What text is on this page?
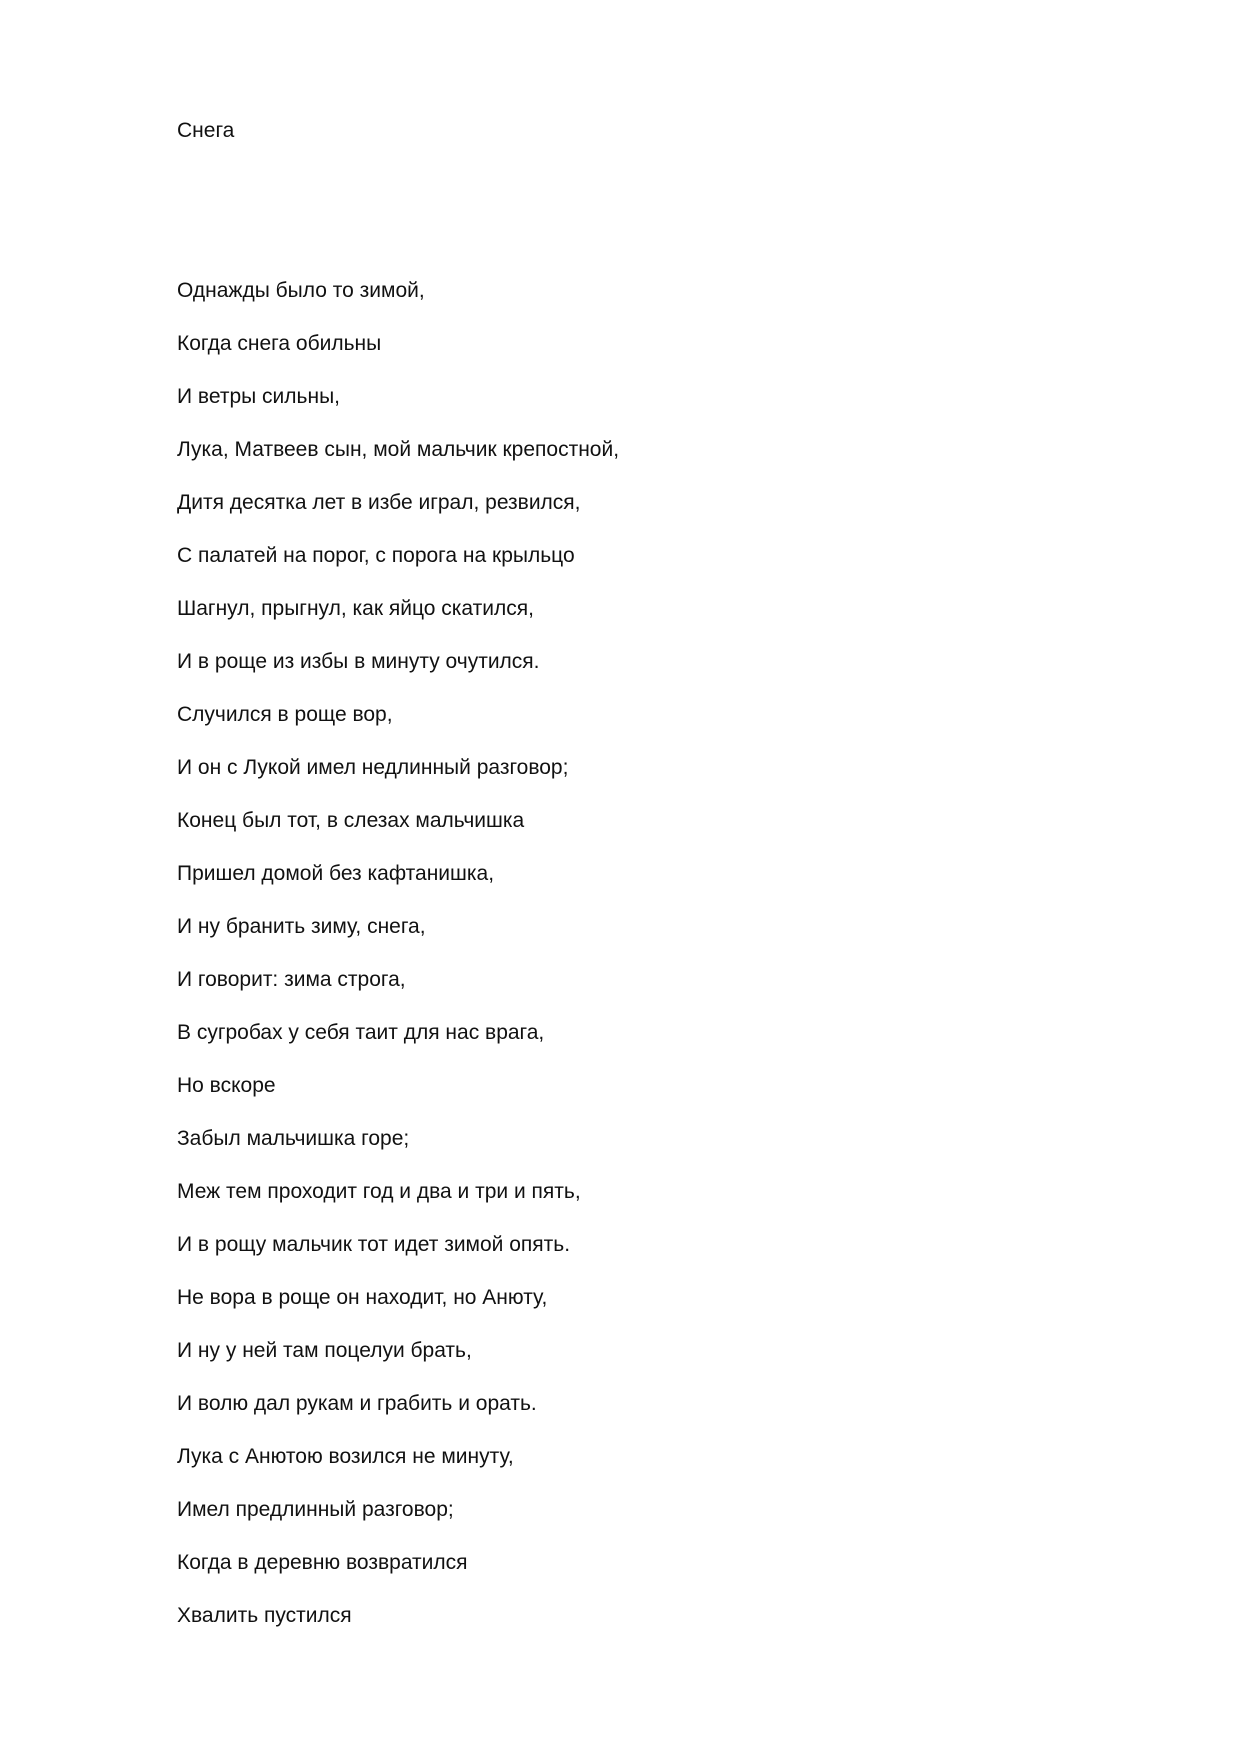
Снега
Однажды было то зимой,
Когда снега обильны
И ветры сильны,
Лука, Матвеев сын, мой мальчик крепостной,
Дитя десятка лет в избе играл, резвился,
С палатей на порог, с порога на крыльцо
Шагнул, прыгнул, как яйцо скатился,
И в роще из избы в минуту очутился.
Случился в роще вор,
И он с Лукой имел недлинный разговор;
Конец был тот, в слезах мальчишка
Пришел домой без кафтанишка,
И ну бранить зиму, снега,
И говорит: зима строга,
В сугробах у себя таит для нас врага,
Но вскоре
Забыл мальчишка горе;
Меж тем проходит год и два и три и пять,
И в рощу мальчик тот идет зимой опять.
Не вора в роще он находит, но Анюту,
И ну у ней там поцелуи брать,
И волю дал рукам и грабить и орать.
Лука с Анютою возился не минуту,
Имел предлинный разговор;
Когда в деревню возвратился
Хвалить пустился
